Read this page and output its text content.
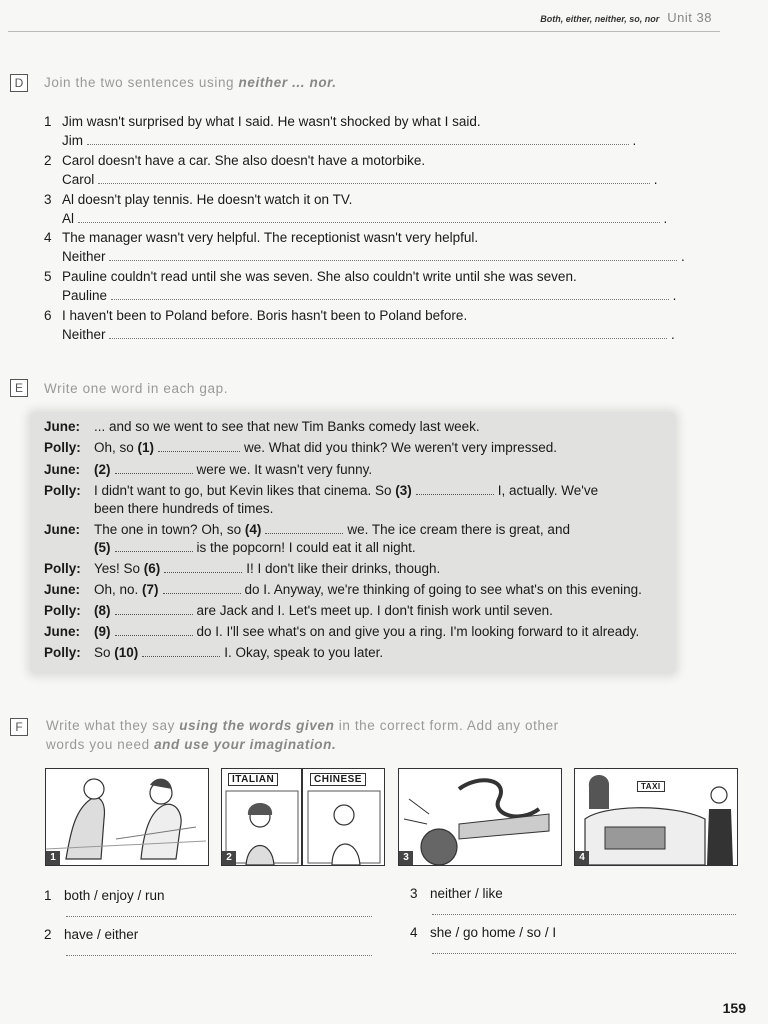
Both, either, neither, so, nor Unit 38
D	Join the two sentences using neither ... nor.
1 Jim wasn't surprised by what I said. He wasn't shocked by what I said.
Jim	.
2 Carol doesn't have a car. She also doesn't have a motorbike.
Carol	.
3 Al doesn't play tennis. He doesn't watch it on TV.
Al	.
4 The manager wasn't very helpful. The receptionist wasn't very helpful.
Neither	.
5 Pauline couldn't read until she was seven. She also couldn't write until she was seven.
Pauline	.
6 I haven't been to Poland before. Boris hasn't been to Poland before.
Neither	.
E	Write one word in each gap.
June: ... and so we went to see that new Tim Banks comedy last week.
Polly: Oh, so (1)	we. What did you think? We weren't very impressed.
June: (2)	were we. It wasn't very funny.
Polly: I didn't want to go, but Kevin likes that cinema. So (3)	I, actually. We've
been there hundreds of times.
June: The one in town? Oh, so (4)	we. The ice cream there is great, and
(5)	is the popcorn! I could eat it all night.
Polly: Yes! So (6)	I! I don't like their drinks, though.
June: Oh, no. (7)	do I. Anyway, we're thinking of going to see what's on this evening.
Polly: (8)	are Jack and I. Let's meet up. I don't finish work until seven.
June: (9)	do I. I'll see what's on and give you a ring. I'm looking forward to it already.
Polly: So (10)	I. Okay, speak to you later.
F	Write what they say using the words given in the correct form. Add any other
words you need and use your imagination.
1
ITALIAN	CHINESE
2	3
TAXI
4
1 both / enjoy / run
2 have / either
3 neither / like
4 she / go home / so / I
159
